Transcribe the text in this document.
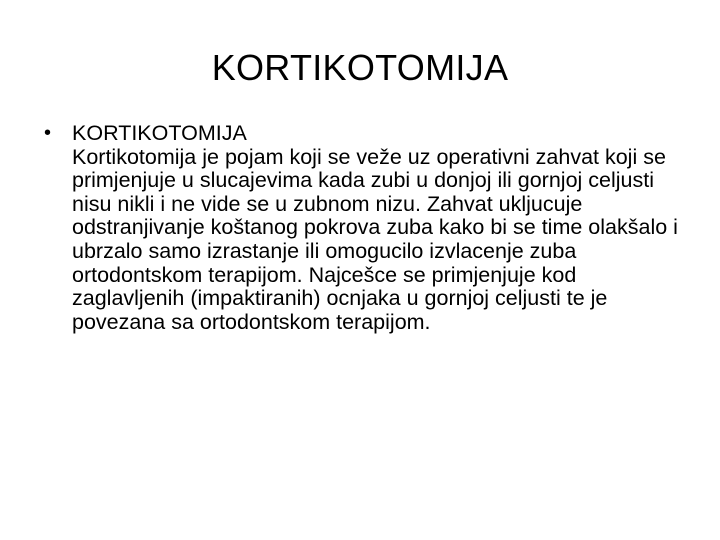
KORTIKOTOMIJA
• KORTIKOTOMIJA
Kortikotomija je pojam koji se veže uz operativni zahvat koji se primjenjuje u slucajevima kada zubi u donjoj ili gornjoj celjusti nisu nikli i ne vide se u zubnom nizu. Zahvat ukljucuje odstranjivanje koštanog pokrova zuba kako bi se time olakšalo i ubrzalo samo izrastanje ili omogucilo izvlacenje zuba ortodontskom terapijom. Najcešce se primjenjuje kod zaglavljenih (impaktiranih) ocnjaka u gornjoj celjusti te je povezana sa ortodontskom terapijom.
